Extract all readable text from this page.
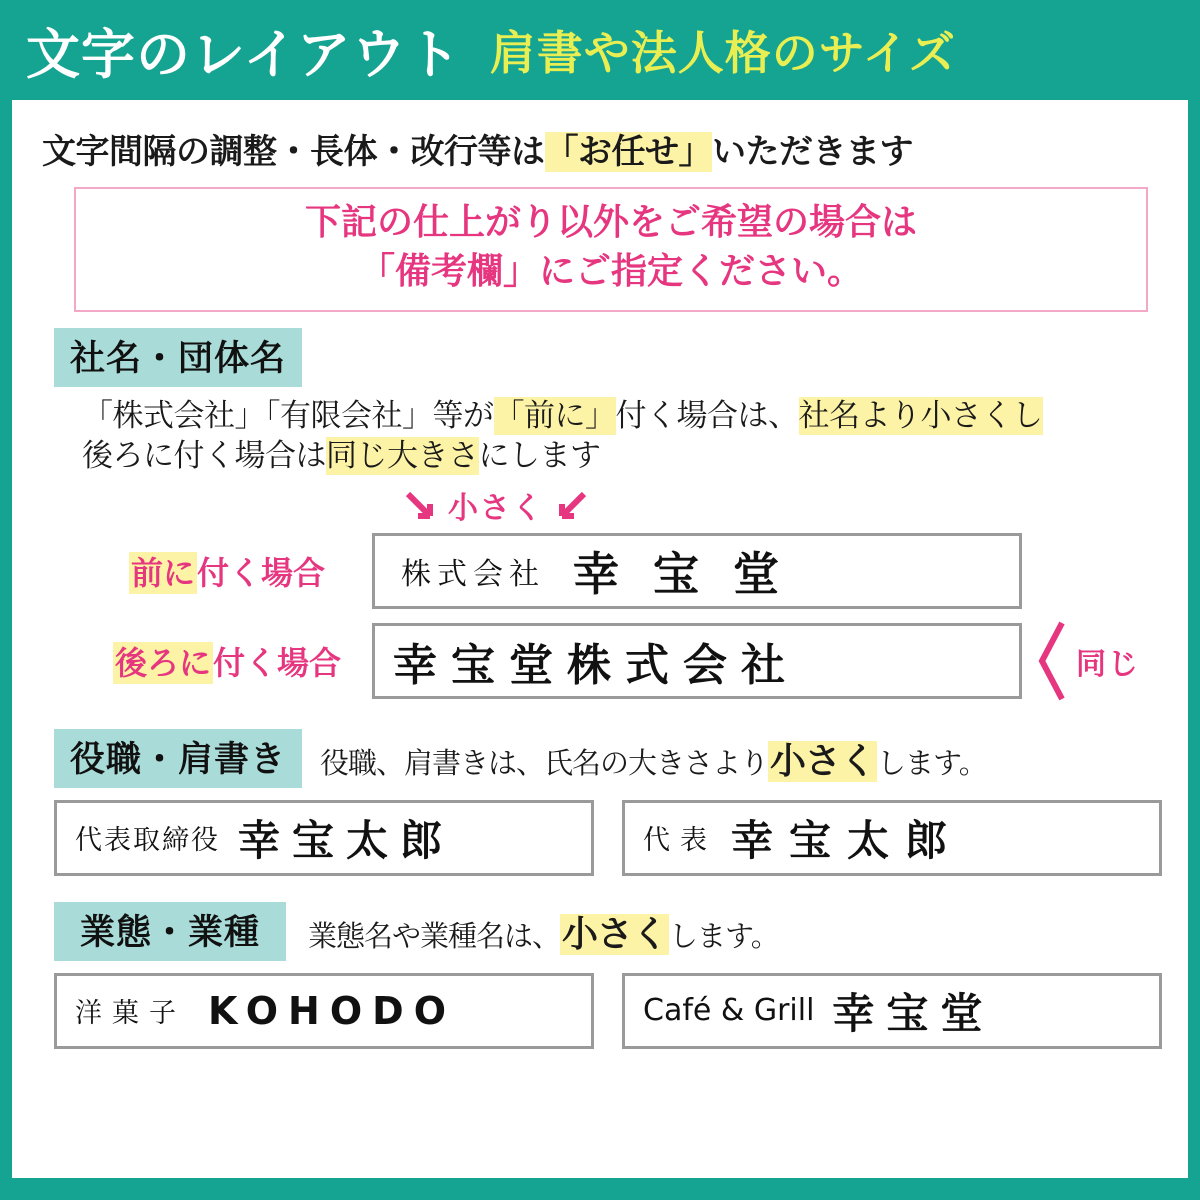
文字のレイアウト 肩書や法人格のサイズ
文字間隔の調整・長体・改行等は「お任せ」いただきます
下記の仕上がり以外をご希望の場合は
「備考欄」にご指定ください。
社名・団体名
「株式会社」「有限会社」等が「前に」付く場合は、社名より小さくし
後ろに付く場合は同じ大きさにします
小さく
前に付く場合	株式会社 幸宝堂
後ろに付く場合	幸宝堂株式会社	同じ
役職・肩書き	役職、肩書きは、氏名の大きさより小さくします。
代表取締役 幸宝太郎	代表 幸宝太郎
業態・業種	業態名や業種名は、小さくします。
洋菓子 KOHODO	Café & Grill 幸宝堂
